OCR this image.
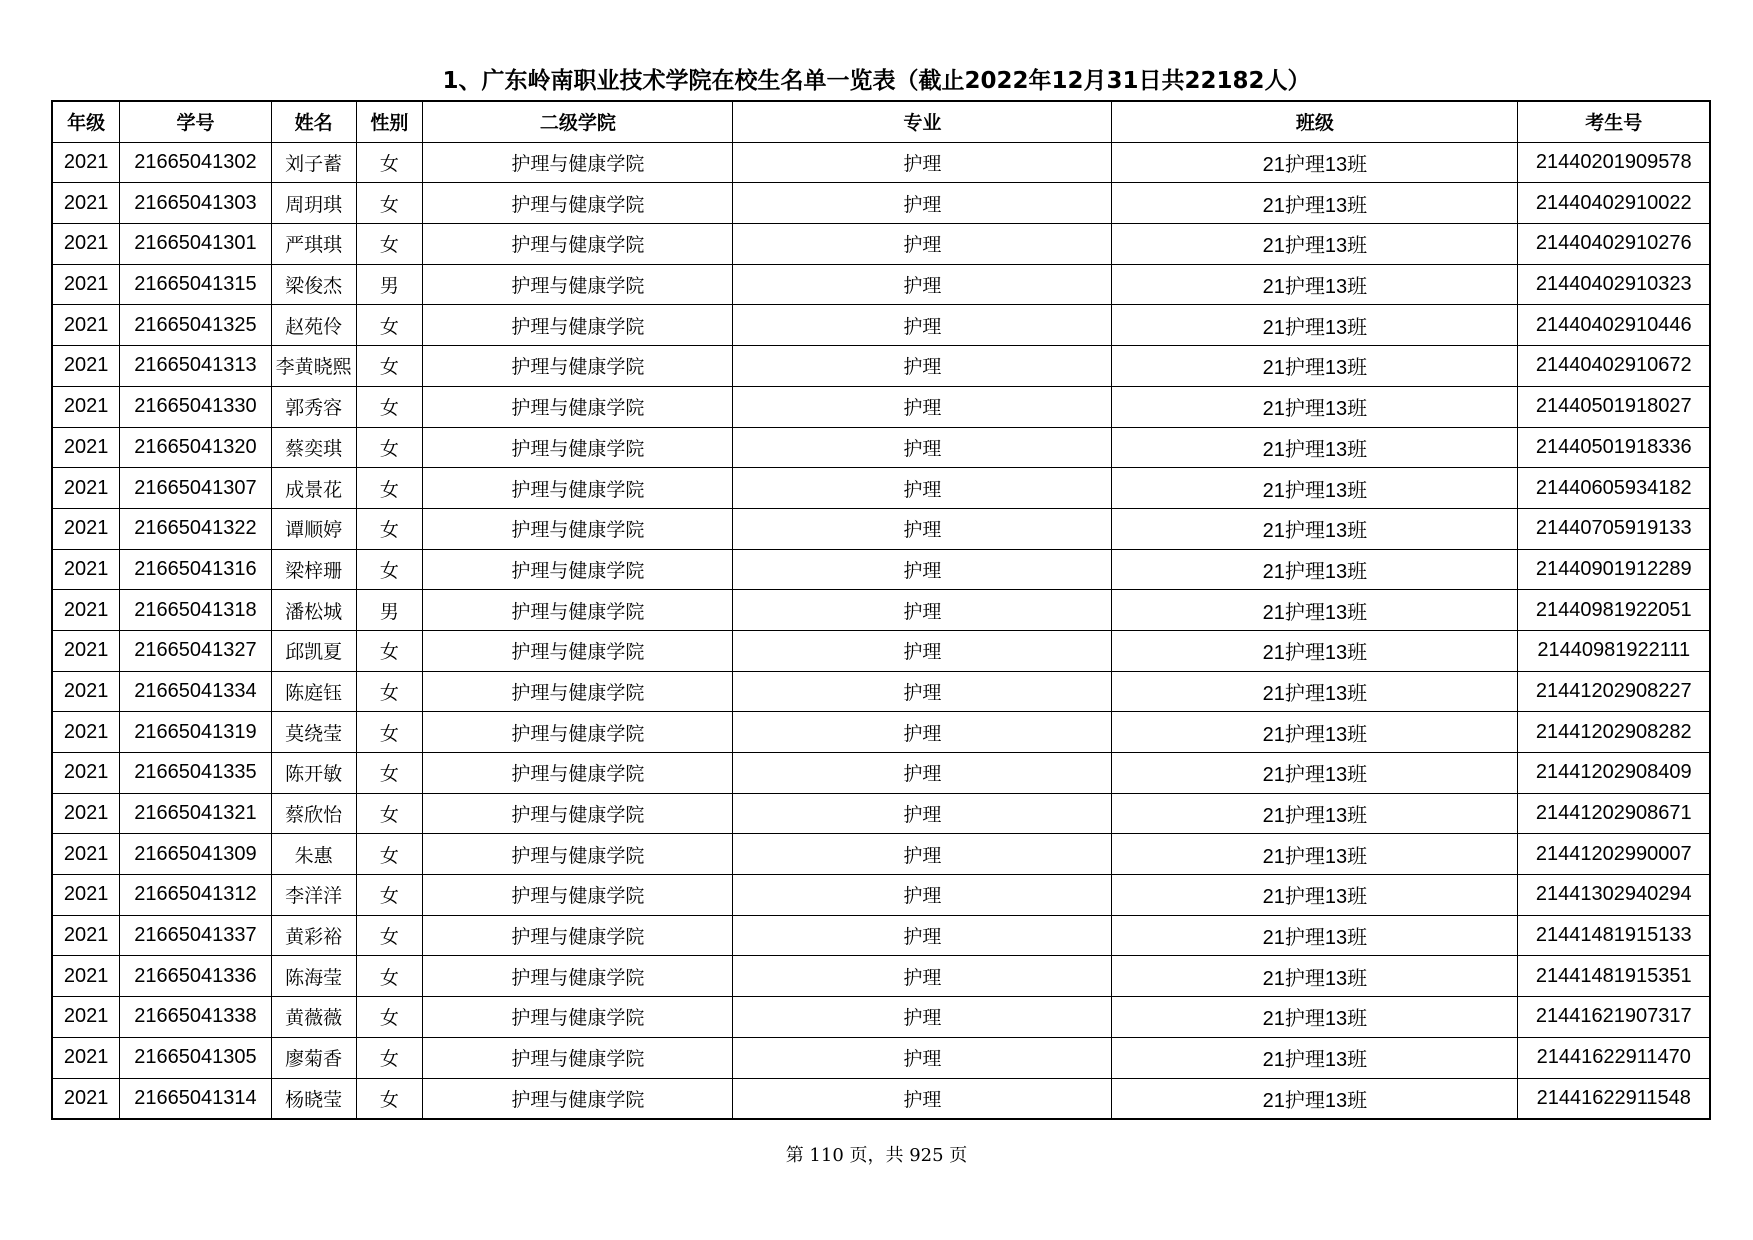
1、广东岭南职业技术学院在校生名单一览表（截止2022年12月31日共22182人）
年级	学号	姓名	性别	二级学院	专业	班级	考生号
2021	21665041302	刘子蓄	女	护理与健康学院	护理	21护理13班	21440201909578
2021	21665041303	周玥琪	女	护理与健康学院	护理	21护理13班	21440402910022
2021	21665041301	严琪琪	女	护理与健康学院	护理	21护理13班	21440402910276
2021	21665041315	梁俊杰	男	护理与健康学院	护理	21护理13班	21440402910323
2021	21665041325	赵苑伶	女	护理与健康学院	护理	21护理13班	21440402910446
2021	21665041313	李黄晓熙	女	护理与健康学院	护理	21护理13班	21440402910672
2021	21665041330	郭秀容	女	护理与健康学院	护理	21护理13班	21440501918027
2021	21665041320	蔡奕琪	女	护理与健康学院	护理	21护理13班	21440501918336
2021	21665041307	成景花	女	护理与健康学院	护理	21护理13班	21440605934182
2021	21665041322	谭顺婷	女	护理与健康学院	护理	21护理13班	21440705919133
2021	21665041316	梁梓珊	女	护理与健康学院	护理	21护理13班	21440901912289
2021	21665041318	潘松城	男	护理与健康学院	护理	21护理13班	21440981922051
2021	21665041327	邱凯夏	女	护理与健康学院	护理	21护理13班	21440981922111
2021	21665041334	陈庭钰	女	护理与健康学院	护理	21护理13班	21441202908227
2021	21665041319	莫绕莹	女	护理与健康学院	护理	21护理13班	21441202908282
2021	21665041335	陈开敏	女	护理与健康学院	护理	21护理13班	21441202908409
2021	21665041321	蔡欣怡	女	护理与健康学院	护理	21护理13班	21441202908671
2021	21665041309	朱惠	女	护理与健康学院	护理	21护理13班	21441202990007
2021	21665041312	李洋洋	女	护理与健康学院	护理	21护理13班	21441302940294
2021	21665041337	黄彩裕	女	护理与健康学院	护理	21护理13班	21441481915133
2021	21665041336	陈海莹	女	护理与健康学院	护理	21护理13班	21441481915351
2021	21665041338	黄薇薇	女	护理与健康学院	护理	21护理13班	21441621907317
2021	21665041305	廖菊香	女	护理与健康学院	护理	21护理13班	21441622911470
2021	21665041314	杨晓莹	女	护理与健康学院	护理	21护理13班	21441622911548
第 110 页，共 925 页
